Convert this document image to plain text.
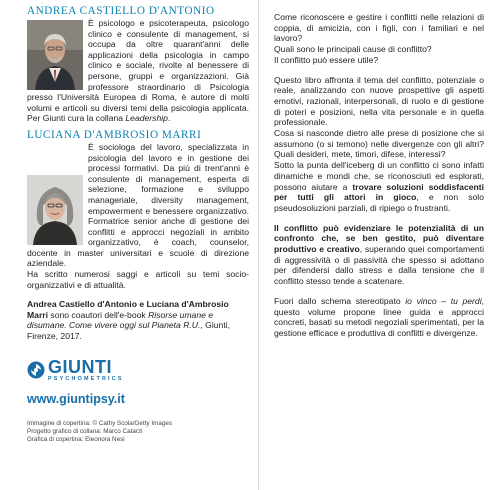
ANDREA CASTIELLO D'ANTONIO
È psicologo e psicoterapeuta, psicologo clinico e consulente di management, si occupa da oltre quarant'anni delle applicazioni della psicologia in campo clinico e sociale, rivolte al benessere di persone, gruppi e organizzazioni. Già professore straordinario di Psicologia presso l'Università Europea di Roma, è autore di molti volumi e articoli su diversi temi della psicologia applicata. Per Giunti cura la collana Leadership.
LUCIANA D'AMBROSIO MARRI
È sociologa del lavoro, specializzata in psicologia del lavoro e in gestione dei processi formativi. Da più di trent'anni è consulente di management, esperta di selezione, formazione e sviluppo manageriale, diversity management, empowerment e benessere organizzativo. Formatrice senior anche di gestione dei conflitti e approcci negoziali in ambito organizzativo, è coach, counselor, docente in master universitari e scuole di direzione aziendale.

Ha scritto numerosi saggi e articoli su temi socio-organizzativi e di attualità.

Andrea Castiello d'Antonio e Luciana d'Ambrosio Marri sono coautori dell'e-book Risorse umane e disumane. Come vivere oggi sul Pianeta R.U., Giunti, Firenze, 2017.
GIUNTI
PSYCHOMETRICS
www.giuntipsy.it
Immagine di copertina: © Cathy Scola/Getty Images
Progetto grafico di collana: Marco Catarzi
Grafica di copertina: Eleonora Nesi

Come riconoscere e gestire i conflitti nelle relazioni di coppia, di amicizia, con i figli, con i familiari e nel lavoro?
Quali sono le principali cause di conflitto?
Il conflitto può essere utile?

Questo libro affronta il tema del conflitto, potenziale o reale, analizzando con nuove prospettive gli aspetti emotivi, razionali, interpersonali, di ruolo e di gestione di poteri e posizioni, nella vita personale e in quella professionale.

Cosa si nasconde dietro alle prese di posizione che si assumono (o si temono) nelle divergenze con gli altri? Quali desideri, mete, timori, difese, interessi?

Sotto la punta dell'iceberg di un conflitto ci sono infatti dinamiche e mondi che, se riconosciuti ed esplorati, possono aiutare a trovare soluzioni soddisfacenti per tutti gli attori in gioco, e non solo pseudosoluzioni parziali, di ripiego o frustranti.

Il conflitto può evidenziare le potenzialità di un confronto che, se ben gestito, può diventare produttivo e creativo, superando quei comportamenti di aggressività o di passività che spesso si adottano per difendersi dallo stress e dalla tensione che il conflitto stesso tende a scatenare.

Fuori dallo schema stereotipato io vinco – tu perdi, questo volume propone linee guida e approcci concreti, basati su metodi negoziali sperimentati, per la gestione efficace e produttiva di conflitti e divergenze.
